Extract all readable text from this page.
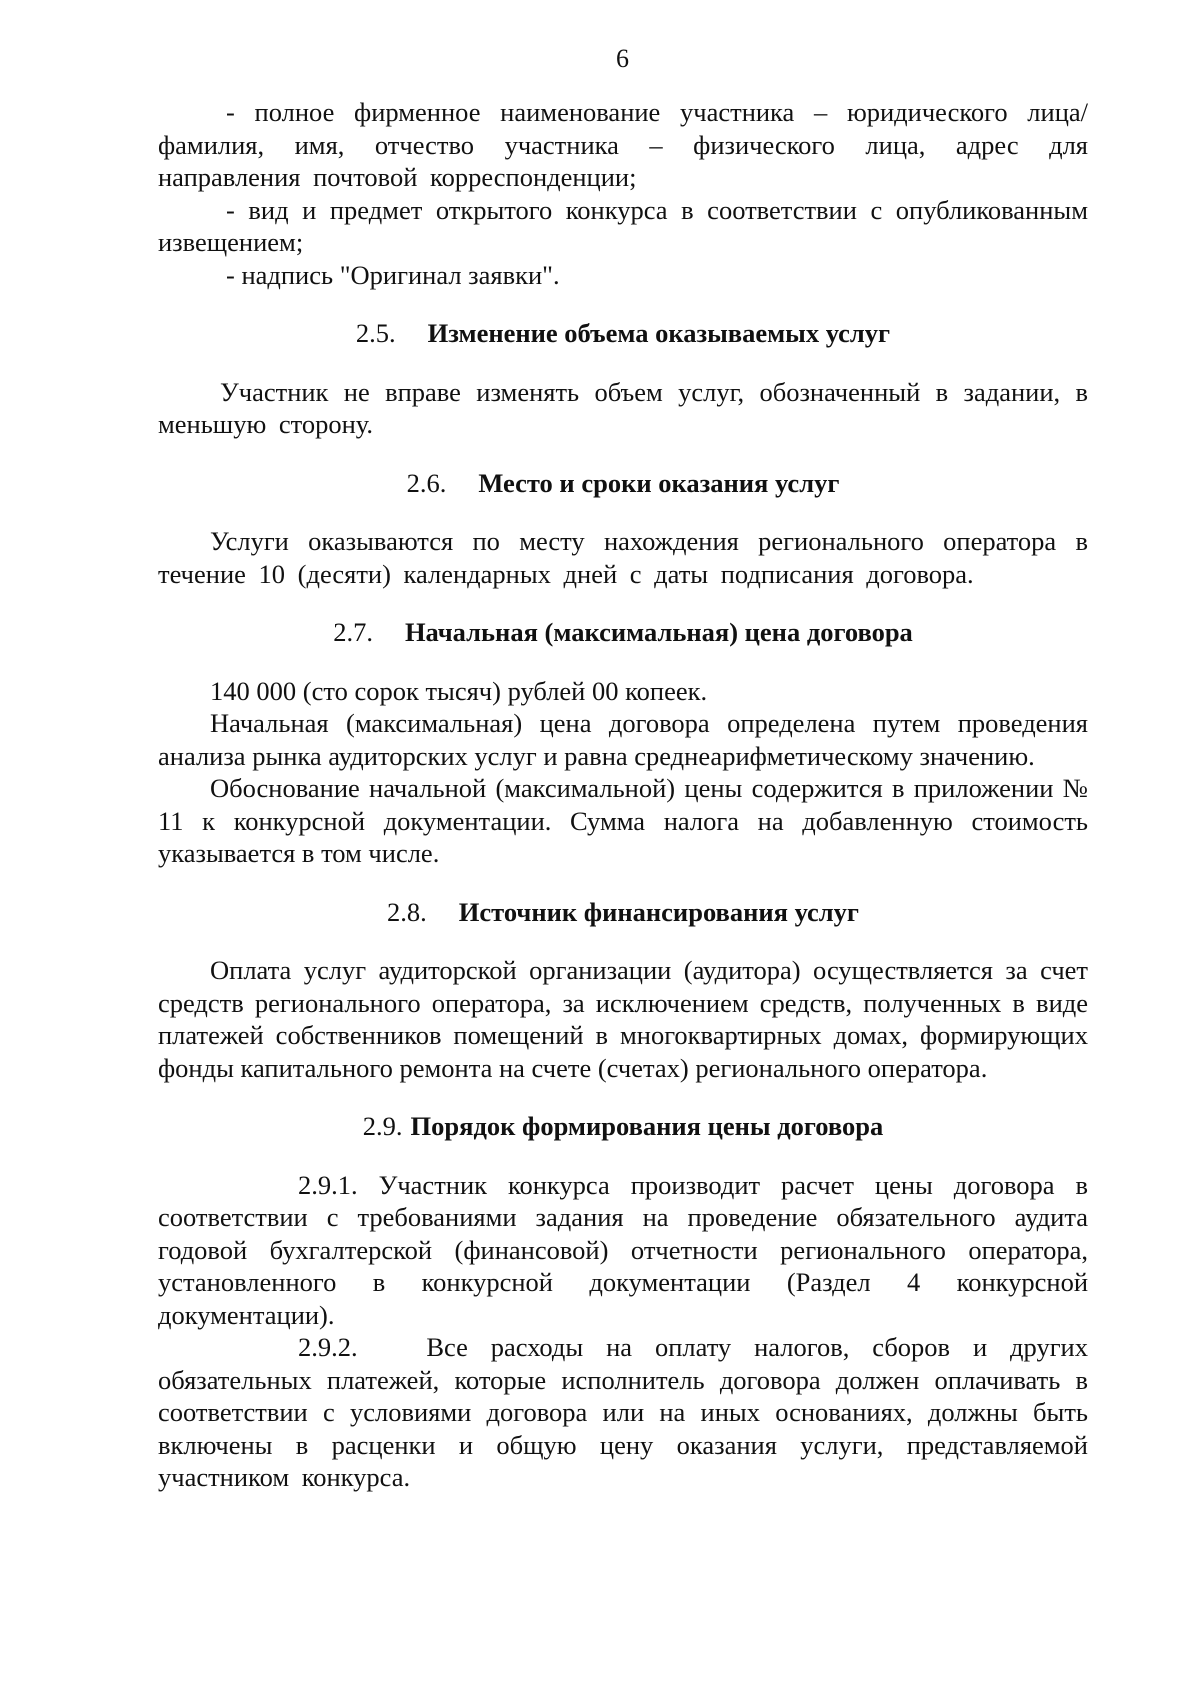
6

- полное фирменное наименование участника – юридического лица/фамилия, имя, отчество участника – физического лица, адрес для направления почтовой корреспонденции;

- вид и предмет открытого конкурса в соответствии с опубликованным извещением;

- надпись "Оригинал заявки".

2.5. Изменение объема оказываемых услуг

Участник не вправе изменять объем услуг, обозначенный в задании, в меньшую сторону.

2.6. Место и сроки оказания услуг

Услуги оказываются по месту нахождения регионального оператора в течение 10 (десяти) календарных дней с даты подписания договора.

2.7. Начальная (максимальная) цена договора

140 000 (сто сорок тысяч) рублей 00 копеек.

Начальная (максимальная) цена договора определена путем проведения анализа рынка аудиторских услуг и равна среднеарифметическому значению.

Обоснование начальной (максимальной) цены содержится в приложении № 11 к конкурсной документации. Сумма налога на добавленную стоимость указывается в том числе.

2.8. Источник финансирования услуг

Оплата услуг аудиторской организации (аудитора) осуществляется за счет средств регионального оператора, за исключением средств, полученных в виде платежей собственников помещений в многоквартирных домах, формирующих фонды капитального ремонта на счете (счетах) регионального оператора.

2.9. Порядок формирования цены договора

2.9.1. Участник конкурса производит расчет цены договора в соответствии с требованиями задания на проведение обязательного аудита годовой бухгалтерской (финансовой) отчетности регионального оператора, установленного в конкурсной документации (Раздел 4 конкурсной документации).

2.9.2.	Все расходы на оплату налогов, сборов и других обязательных платежей, которые исполнитель договора должен оплачивать в соответствии с условиями договора или на иных основаниях, должны быть включены в расценки и общую цену оказания услуги, представляемой участником конкурса.
